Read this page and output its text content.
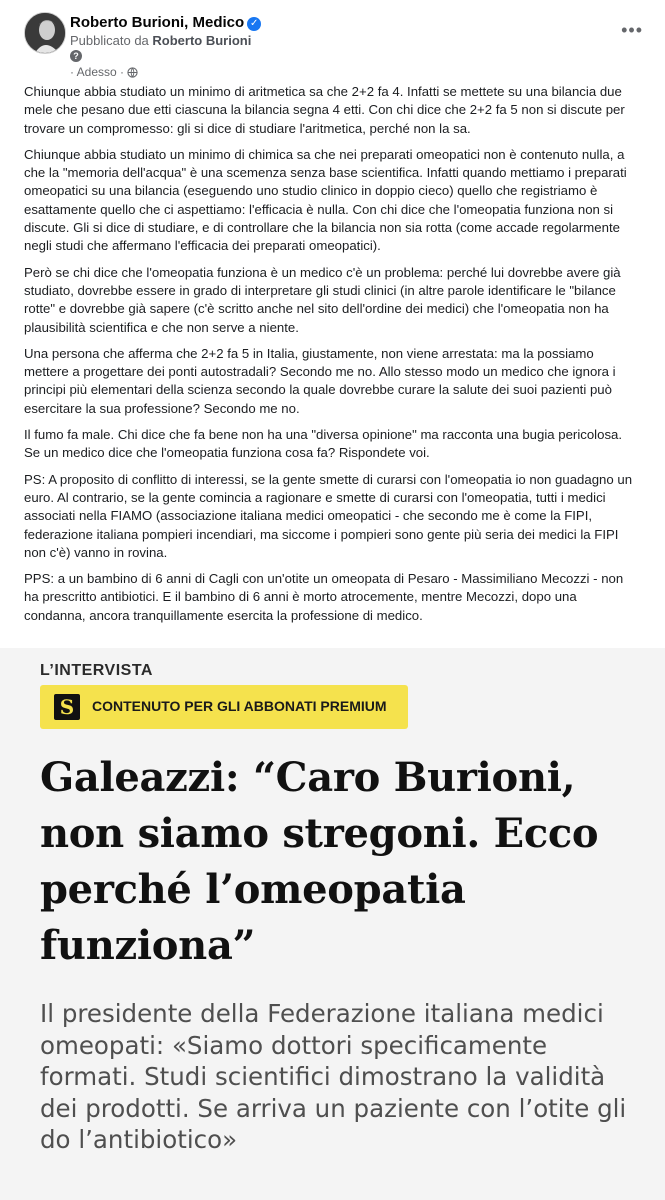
Roberto Burioni, Medico ✓
Pubblicato da Roberto Burioni
?
· Adesso ·
•••

Chiunque abbia studiato un minimo di aritmetica sa che 2+2 fa 4. Infatti se mettete su una bilancia due mele che pesano due etti ciascuna la bilancia segna 4 etti. Con chi dice che 2+2 fa 5 non si discute per trovare un compromesso: gli si dice di studiare l'aritmetica, perché non la sa.

Chiunque abbia studiato un minimo di chimica sa che nei preparati omeopatici non è contenuto nulla, a che la "memoria dell'acqua" è una scemenza senza base scientifica. Infatti quando mettiamo i preparati omeopatici su una bilancia (eseguendo uno studio clinico in doppio cieco) quello che registriamo è esattamente quello che ci aspettiamo: l'efficacia è nulla. Con chi dice che l'omeopatia funziona non si discute. Gli si dice di studiare, e di controllare che la bilancia non sia rotta (come accade regolarmente negli studi che affermano l'efficacia dei preparati omeopatici).

Però se chi dice che l'omeopatia funziona è un medico c'è un problema: perché lui dovrebbe avere già studiato, dovrebbe essere in grado di interpretare gli studi clinici (in altre parole identificare le "bilance rotte" e dovrebbe già sapere (c'è scritto anche nel sito dell'ordine dei medici) che l'omeopatia non ha plausibilità scientifica e che non serve a niente.

Una persona che afferma che 2+2 fa 5 in Italia, giustamente, non viene arrestata: ma la possiamo mettere a progettare dei ponti autostradali? Secondo me no. Allo stesso modo un medico che ignora i principi più elementari della scienza secondo la quale dovrebbe curare la salute dei suoi pazienti può esercitare la sua professione? Secondo me no.

Il fumo fa male. Chi dice che fa bene non ha una "diversa opinione" ma racconta una bugia pericolosa. Se un medico dice che l'omeopatia funziona cosa fa? Rispondete voi.

PS: A proposito di conflitto di interessi, se la gente smette di curarsi con l'omeopatia io non guadagno un euro. Al contrario, se la gente comincia a ragionare e smette di curarsi con l'omeopatia, tutti i medici associati nella FIAMO (associazione italiana medici omeopatici - che secondo me è come la FIPI, federazione italiana pompieri incendiari, ma siccome i pompieri sono gente più seria dei medici la FIPI non c'è) vanno in rovina.

PPS: a un bambino di 6 anni di Cagli con un'otite un omeopata di Pesaro - Massimiliano Mecozzi - non ha prescritto antibiotici. E il bambino di 6 anni è morto atrocemente, mentre Mecozzi, dopo una condanna, ancora tranquillamente esercita la professione di medico.

L’INTERVISTA
S	CONTENUTO PER GLI ABBONATI PREMIUM
Galeazzi: “Caro Burioni, non siamo stregoni. Ecco perché l’omeopatia funziona”
Il presidente della Federazione italiana medici omeopati: «Siamo dottori specificamente formati. Studi scientifici dimostrano la validità dei prodotti. Se arriva un paziente con l’otite gli do l’antibiotico»
